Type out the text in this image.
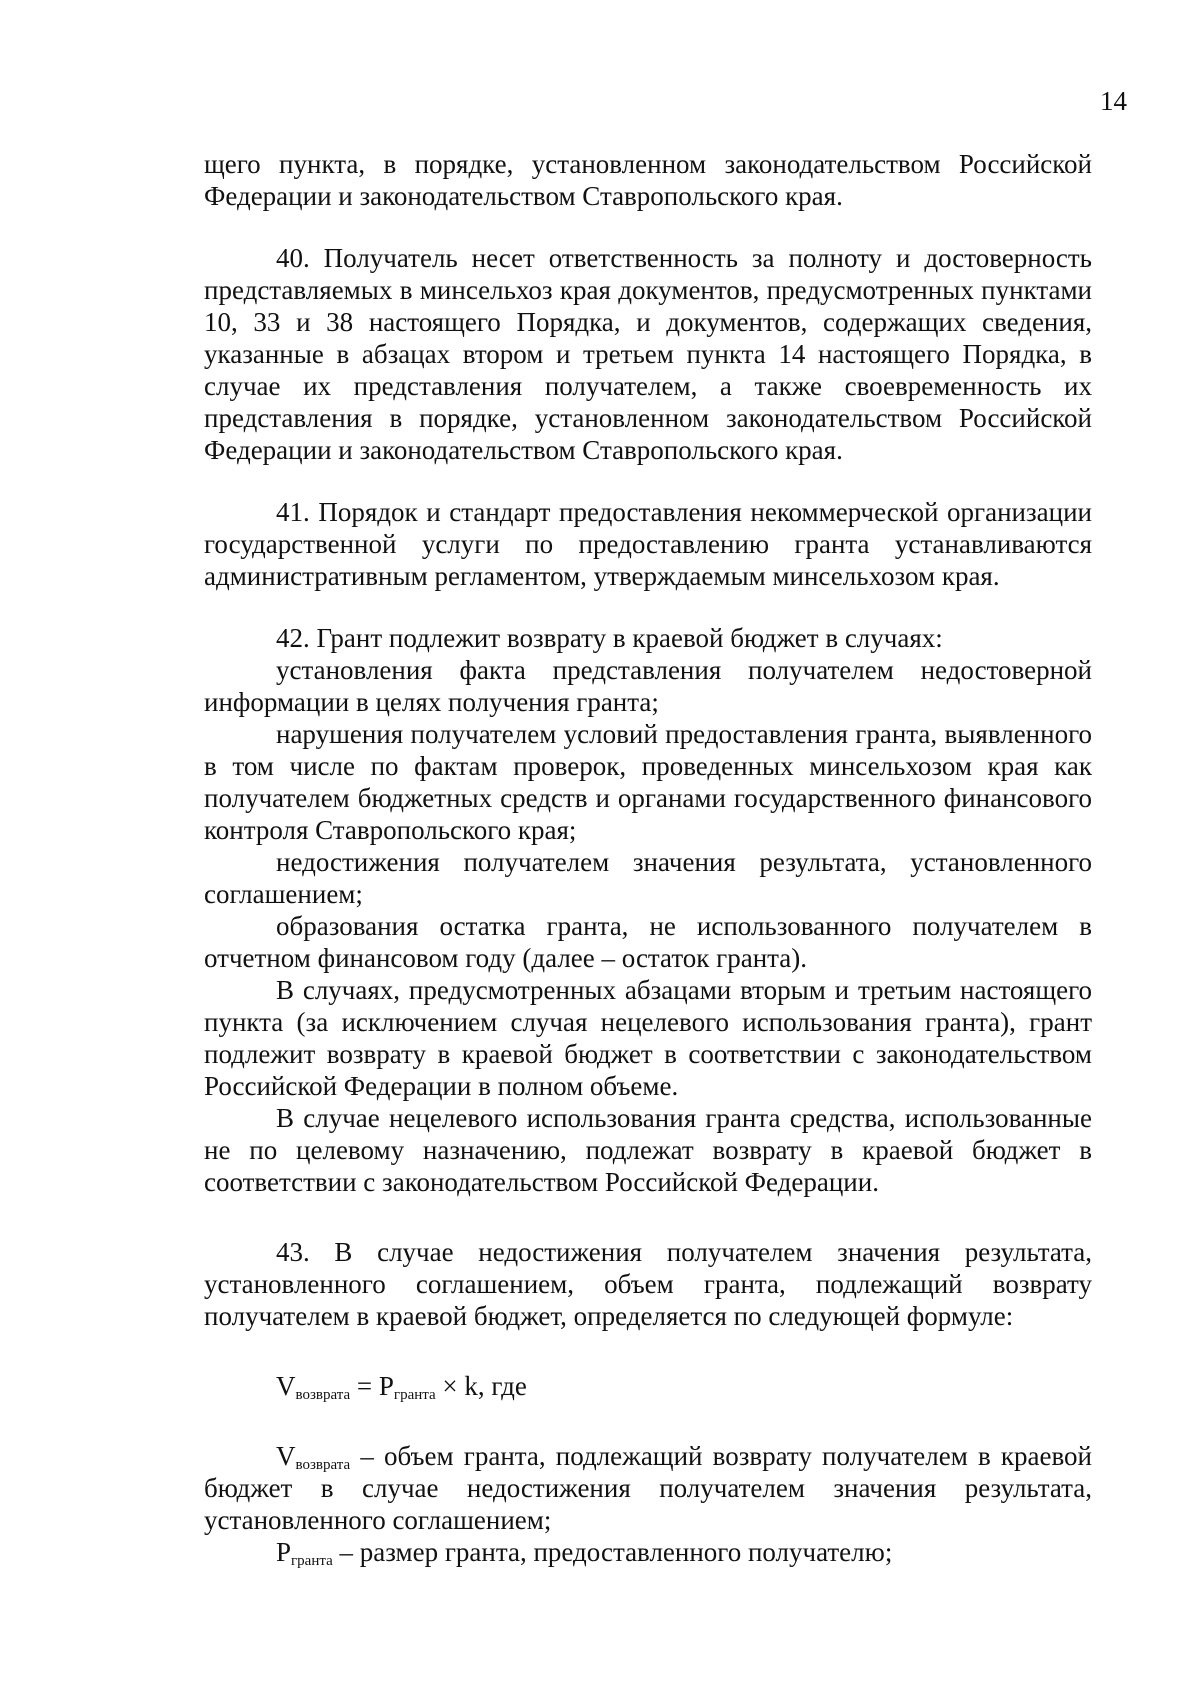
14

щего пункта, в порядке, установленном законодательством Российской Федерации и законодательством Ставропольского края.

40. Получатель несет ответственность за полноту и достоверность представляемых в минсельхоз края документов, предусмотренных пунктами 10, 33 и 38 настоящего Порядка, и документов, содержащих сведения, указанные в абзацах втором и третьем пункта 14 настоящего Порядка, в случае их представления получателем, а также своевременность их представления в порядке, установленном законодательством Российской Федерации и законодательством Ставропольского края.

41. Порядок и стандарт предоставления некоммерческой организации государственной услуги по предоставлению гранта устанавливаются административным регламентом, утверждаемым минсельхозом края.

42. Грант подлежит возврату в краевой бюджет в случаях:

установления факта представления получателем недостоверной информации в целях получения гранта;

нарушения получателем условий предоставления гранта, выявленного в том числе по фактам проверок, проведенных минсельхозом края как получателем бюджетных средств и органами государственного финансового контроля Ставропольского края;

недостижения получателем значения результата, установленного соглашением;

образования остатка гранта, не использованного получателем в отчетном финансовом году (далее – остаток гранта).

В случаях, предусмотренных абзацами вторым и третьим настоящего пункта (за исключением случая нецелевого использования гранта), грант подлежит возврату в краевой бюджет в соответствии с законодательством Российской Федерации в полном объеме.

В случае нецелевого использования гранта средства, использованные не по целевому назначению, подлежат возврату в краевой бюджет в соответствии с законодательством Российской Федерации.

43. В случае недостижения получателем значения результата, установленного соглашением, объем гранта, подлежащий возврату получателем в краевой бюджет, определяется по следующей формуле:

$V_{возврата} = P_{гранта} \times k$, где

$V_{возврата}$ – объем гранта, подлежащий возврату получателем в краевой бюджет в случае недостижения получателем значения результата, установленного соглашением;

$P_{гранта}$ – размер гранта, предоставленного получателю;
